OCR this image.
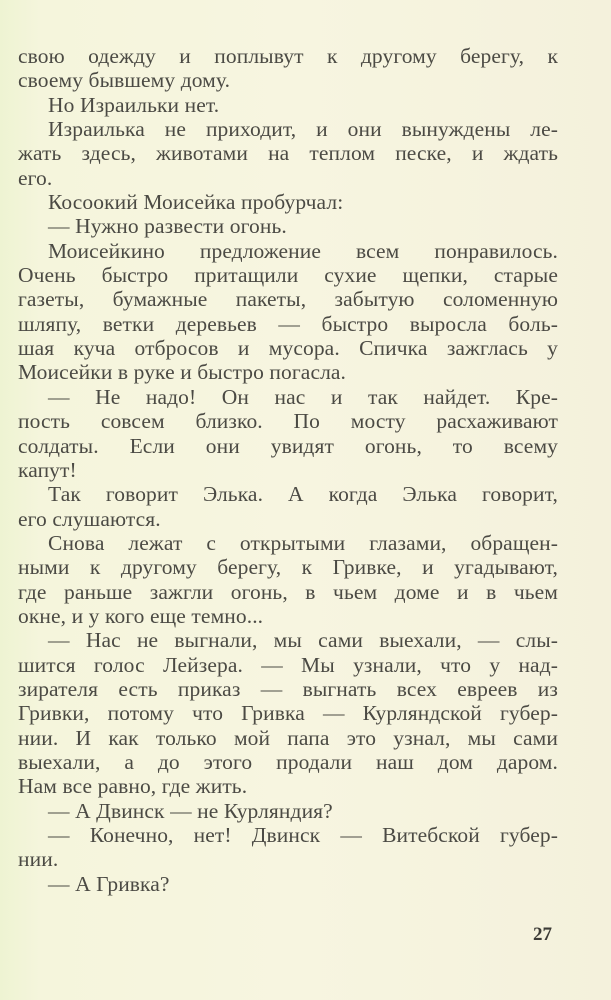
свою одежду и поплывут к другому берегу, к
своему бывшему дому.
Но Израильки нет.
Израилька не приходит, и они вынуждены ле-
жать здесь, животами на теплом песке, и ждать
его.
Косоокий Моисейка пробурчал:
— Нужно развести огонь.
Моисейкино предложение всем понравилось.
Очень быстро притащили сухие щепки, старые
газеты, бумажные пакеты, забытую соломенную
шляпу, ветки деревьев — быстро выросла боль-
шая куча отбросов и мусора. Спичка зажглась у
Моисейки в руке и быстро погасла.
— Не надо! Он нас и так найдет. Кре-
пость совсем близко. По мосту расхаживают
солдаты. Если они увидят огонь, то всему
капут!
Так говорит Элька. А когда Элька говорит,
его слушаются.
Снова лежат с открытыми глазами, обращен-
ными к другому берегу, к Гривке, и угадывают,
где раньше зажгли огонь, в чьем доме и в чьем
окне, и у кого еще темно...
— Нас не выгнали, мы сами выехали, — слы-
шится голос Лейзера. — Мы узнали, что у над-
зирателя есть приказ — выгнать всех евреев из
Гривки, потому что Гривка — Курляндской губер-
нии. И как только мой папа это узнал, мы сами
выехали, а до этого продали наш дом даром.
Нам все равно, где жить.
— А Двинск — не Курляндия?
— Конечно, нет! Двинск — Витебской губер-
нии.
— А Гривка?
27
